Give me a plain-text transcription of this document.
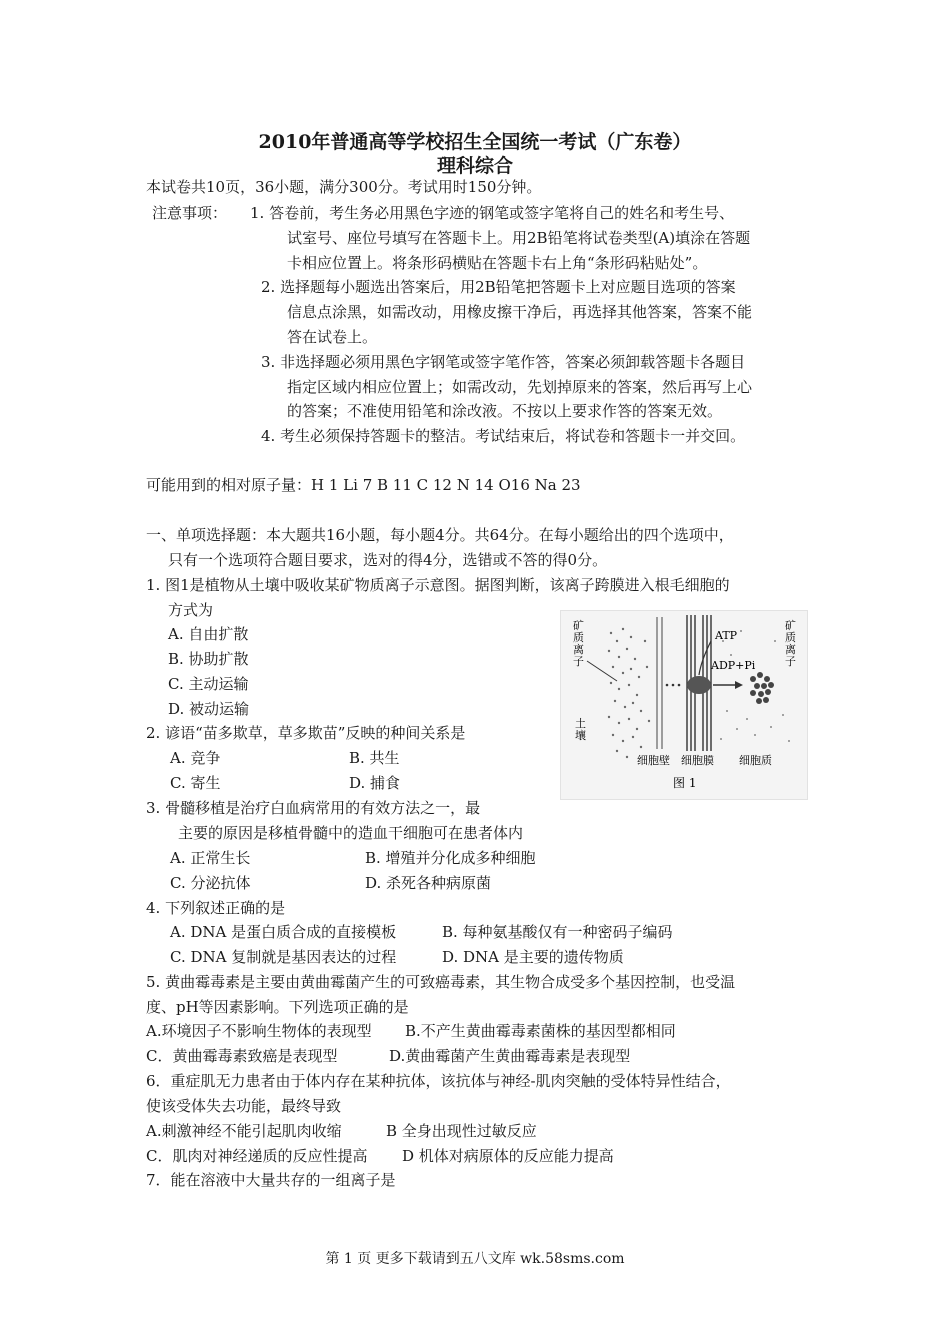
2010年普通高等学校招生全国统一考试（广东卷）
理科综合
本试卷共10页，36小题，满分300分。考试用时150分钟。
注意事项： 1. 答卷前，考生务必用黑色字迹的钢笔或签字笔将自己的姓名和考生号、
试室号、座位号填写在答题卡上。用2B铅笔将试卷类型(A)填涂在答题
卡相应位置上。将条形码横贴在答题卡右上角“条形码粘贴处”。
2. 选择题每小题选出答案后，用2B铅笔把答题卡上对应题目选项的答案
信息点涂黑，如需改动，用橡皮擦干净后，再选择其他答案，答案不能
答在试卷上。
3. 非选择题必须用黑色字钢笔或签字笔作答，答案必须卸载答题卡各题目
指定区域内相应位置上；如需改动，先划掉原来的答案，然后再写上心
的答案；不准使用铅笔和涂改液。不按以上要求作答的答案无效。
4. 考生必须保持答题卡的整洁。考试结束后，将试卷和答题卡一并交回。
可能用到的相对原子量：H 1 Li 7 B 11 C 12 N 14 O16 Na 23
一、单项选择题：本大题共16小题，每小题4分。共64分。在每小题给出的四个选项中，
只有一个选项符合题目要求，选对的得4分，选错或不答的得0分。
1. 图1是植物从土壤中吸收某矿物质离子示意图。据图判断，该离子跨膜进入根毛细胞的
方式为
A. 自由扩散
B. 协助扩散
C. 主动运输
D. 被动运输
2. 谚语“苗多欺草，草多欺苗”反映的种间关系是
A. 竞争	B. 共生
C. 寄生	D. 捕食
3. 骨髓移植是治疗白血病常用的有效方法之一，最
主要的原因是移植骨髓中的造血干细胞可在患者体内
A. 正常生长	B. 增殖并分化成多种细胞
C. 分泌抗体	D. 杀死各种病原菌
4. 下列叙述正确的是
A. DNA 是蛋白质合成的直接模板	B. 每种氨基酸仅有一种密码子编码
C. DNA 复制就是基因表达的过程	D. DNA 是主要的遗传物质
5. 黄曲霉毒素是主要由黄曲霉菌产生的可致癌毒素，其生物合成受多个基因控制，也受温
度、pH等因素影响。下列选项正确的是
A.环境因子不影响生物体的表现型 B.不产生黄曲霉毒素菌株的基因型都相同
C．黄曲霉毒素致癌是表现型	D.黄曲霉菌产生黄曲霉毒素是表现型
6．重症肌无力患者由于体内存在某种抗体，该抗体与神经-肌肉突触的受体特异性结合，
使该受体失去功能，最终导致
A.刺激神经不能引起肌肉收缩	B 全身出现性过敏反应
C．肌肉对神经递质的反应性提高 D 机体对病原体的反应能力提高
7．能在溶液中大量共存的一组离子是
矿
质
离
子
土
壤
ATP
ADP+Pi
矿
质
离
子
细胞壁 细胞膜 细胞质
图 1
第 1 页 更多下载请到五八文库 wk.58sms.com
